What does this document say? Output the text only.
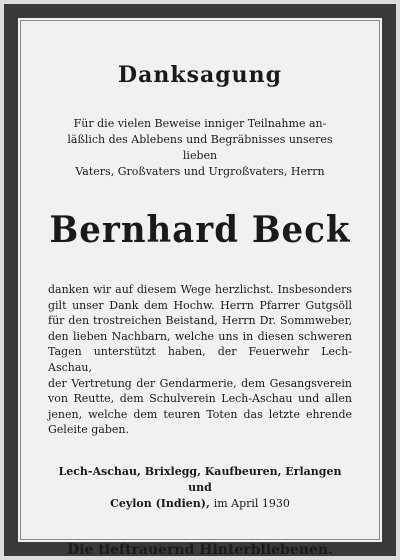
Danksagung
Für die vielen Beweise inniger Teilnahme an-
läßlich des Ablebens und Begräbnisses unseres lieben
Vaters, Großvaters und Urgroßvaters, Herrn
Bernhard Beck
danken wir auf diesem Wege herzlichst. Insbesonders
gilt unser Dank dem Hochw. Herrn Pfarrer Gutgsöll
für den trostreichen Beistand, Herrn Dr. Sommweber,
den lieben Nachbarn, welche uns in diesen schweren
Tagen unterstützt haben, der Feuerwehr Lech-Aschau,
der Vertretung der Gendarmerie, dem Gesangsverein
von Reutte, dem Schulverein Lech-Aschau und allen
jenen, welche dem teuren Toten das letzte ehrende
Geleite gaben.
Lech-Aschau, Brixlegg, Kaufbeuren, Erlangen und
Ceylon (Indien), im April 1930
Die tieftrauernd Hinterbliebenen.
